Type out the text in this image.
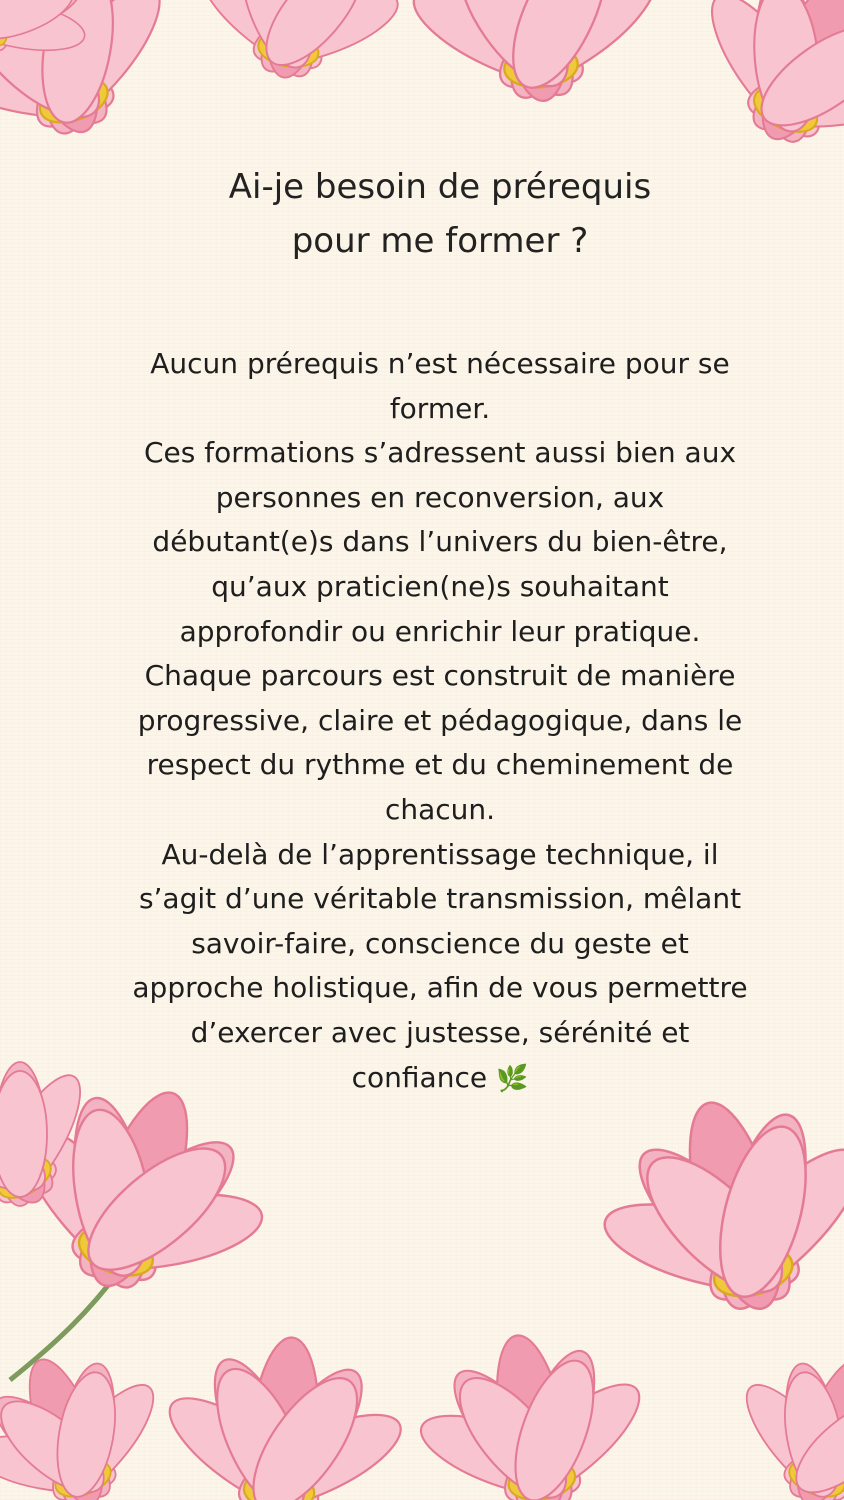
Ai-je besoin de prérequis
pour me former ?

Aucun prérequis n’est nécessaire pour se former.

Ces formations s’adressent aussi bien aux personnes en reconversion, aux débutant(e)s dans l’univers du bien-être, qu’aux praticien(ne)s souhaitant approfondir ou enrichir leur pratique.

Chaque parcours est construit de manière progressive, claire et pédagogique, dans le respect du rythme et du cheminement de chacun.

Au-delà de l’apprentissage technique, il s’agit d’une véritable transmission, mêlant savoir-faire, conscience du geste et approche holistique, afin de vous permettre d’exercer avec justesse, sérénité et confiance 🌿
